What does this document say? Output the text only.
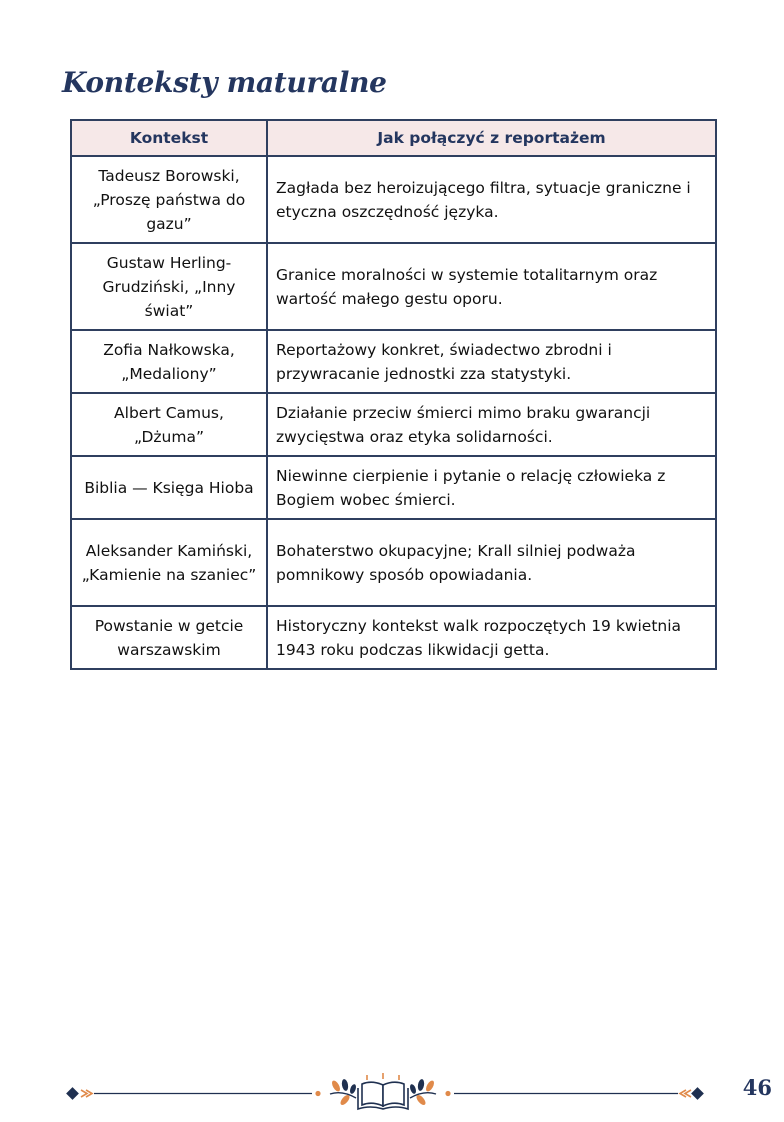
Konteksty maturalne
Kontekst	Jak połączyć z reportażem
Tadeusz Borowski, „Proszę państwa do gazu”	Zagłada bez heroizującego filtra, sytuacje graniczne i etyczna oszczędność języka.
Gustaw Herling-Grudziński, „Inny świat”	Granice moralności w systemie totalitarnym oraz wartość małego gestu oporu.
Zofia Nałkowska, „Medaliony”	Reportażowy konkret, świadectwo zbrodni i przywracanie jednostki zza statystyki.
Albert Camus, „Dżuma”	Działanie przeciw śmierci mimo braku gwarancji zwycięstwa oraz etyka solidarności.
Biblia — Księga Hioba	Niewinne cierpienie i pytanie o relację człowieka z Bogiem wobec śmierci.
Aleksander Kamiński, „Kamienie na szaniec”	Bohaterstwo okupacyjne; Krall silniej podważa pomnikowy sposób opowiadania.
Powstanie w getcie warszawskim	Historyczny kontekst walk rozpoczętych 19 kwietnia 1943 roku podczas likwidacji getta.
46
